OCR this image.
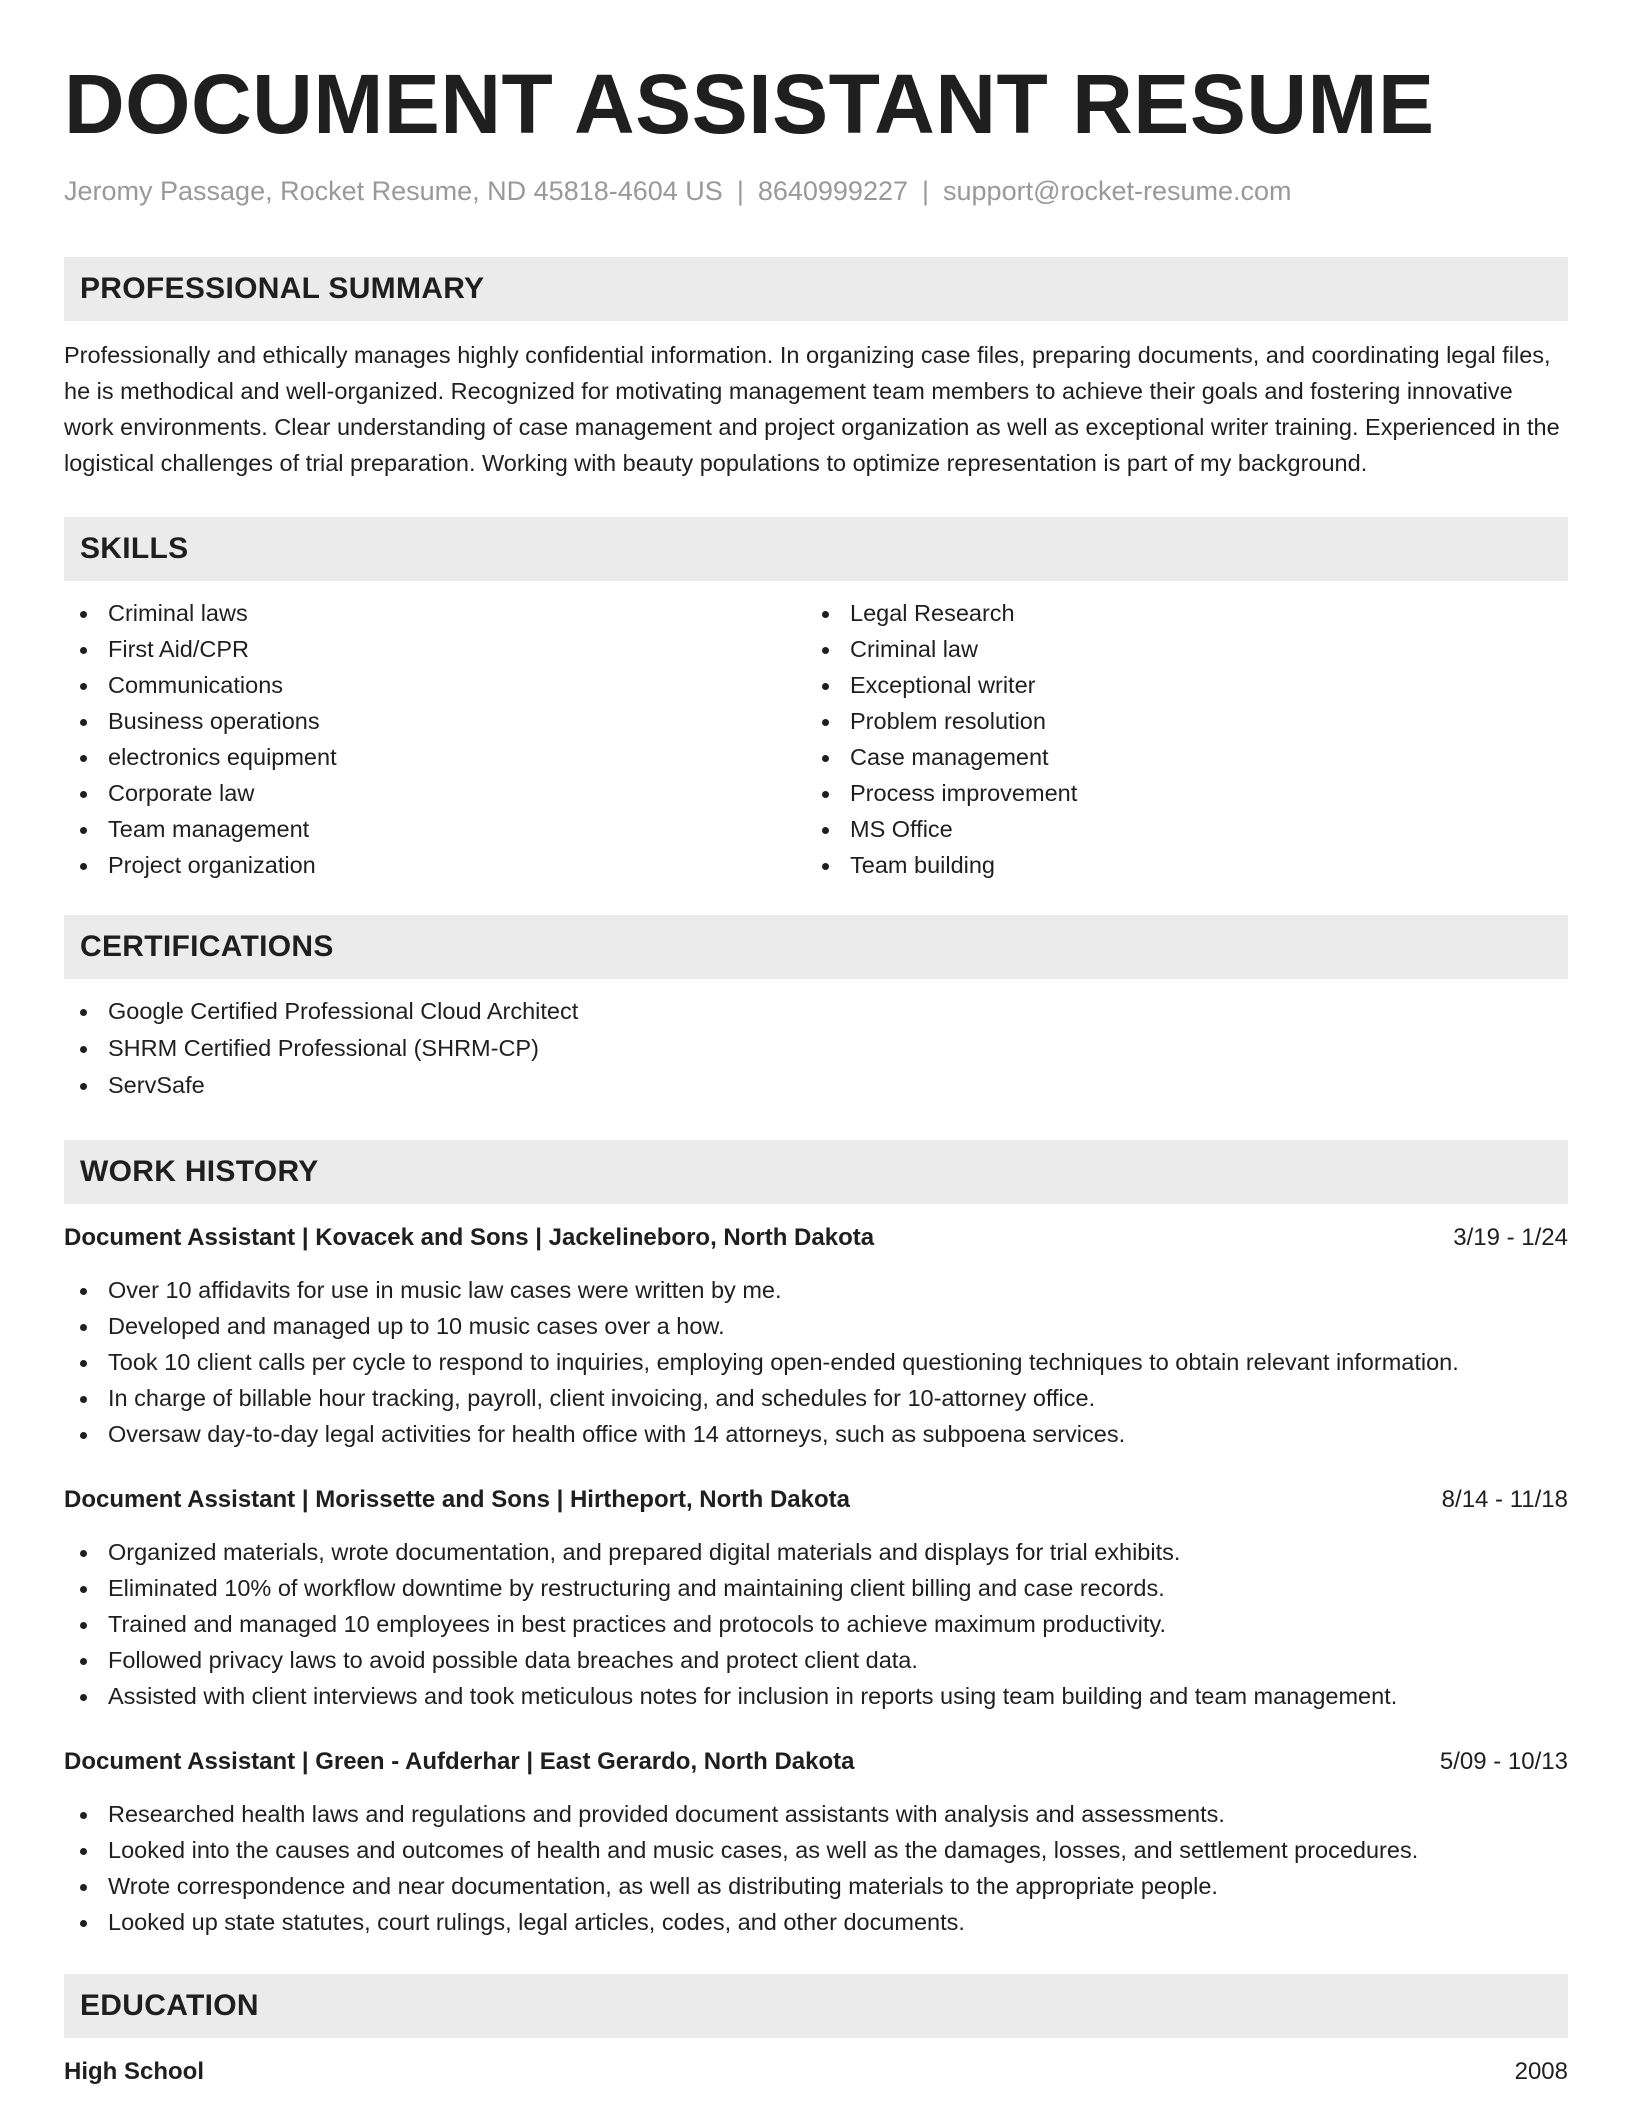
DOCUMENT ASSISTANT RESUME
Jeromy Passage, Rocket Resume, ND 45818-4604 US | 8640999227 | support@rocket-resume.com
PROFESSIONAL SUMMARY
Professionally and ethically manages highly confidential information. In organizing case files, preparing documents, and coordinating legal files, he is methodical and well-organized. Recognized for motivating management team members to achieve their goals and fostering innovative work environments. Clear understanding of case management and project organization as well as exceptional writer training. Experienced in the logistical challenges of trial preparation. Working with beauty populations to optimize representation is part of my background.
SKILLS
Criminal laws
First Aid/CPR
Communications
Business operations
electronics equipment
Corporate law
Team management
Project organization
Legal Research
Criminal law
Exceptional writer
Problem resolution
Case management
Process improvement
MS Office
Team building
CERTIFICATIONS
Google Certified Professional Cloud Architect
SHRM Certified Professional (SHRM-CP)
ServSafe
WORK HISTORY
Document Assistant | Kovacek and Sons | Jackelineboro, North Dakota	3/19 - 1/24
Over 10 affidavits for use in music law cases were written by me.
Developed and managed up to 10 music cases over a how.
Took 10 client calls per cycle to respond to inquiries, employing open-ended questioning techniques to obtain relevant information.
In charge of billable hour tracking, payroll, client invoicing, and schedules for 10-attorney office.
Oversaw day-to-day legal activities for health office with 14 attorneys, such as subpoena services.
Document Assistant | Morissette and Sons | Hirtheport, North Dakota	8/14 - 11/18
Organized materials, wrote documentation, and prepared digital materials and displays for trial exhibits.
Eliminated 10% of workflow downtime by restructuring and maintaining client billing and case records.
Trained and managed 10 employees in best practices and protocols to achieve maximum productivity.
Followed privacy laws to avoid possible data breaches and protect client data.
Assisted with client interviews and took meticulous notes for inclusion in reports using team building and team management.
Document Assistant | Green - Aufderhar | East Gerardo, North Dakota	5/09 - 10/13
Researched health laws and regulations and provided document assistants with analysis and assessments.
Looked into the causes and outcomes of health and music cases, as well as the damages, losses, and settlement procedures.
Wrote correspondence and near documentation, as well as distributing materials to the appropriate people.
Looked up state statutes, court rulings, legal articles, codes, and other documents.
EDUCATION
High School	2008
